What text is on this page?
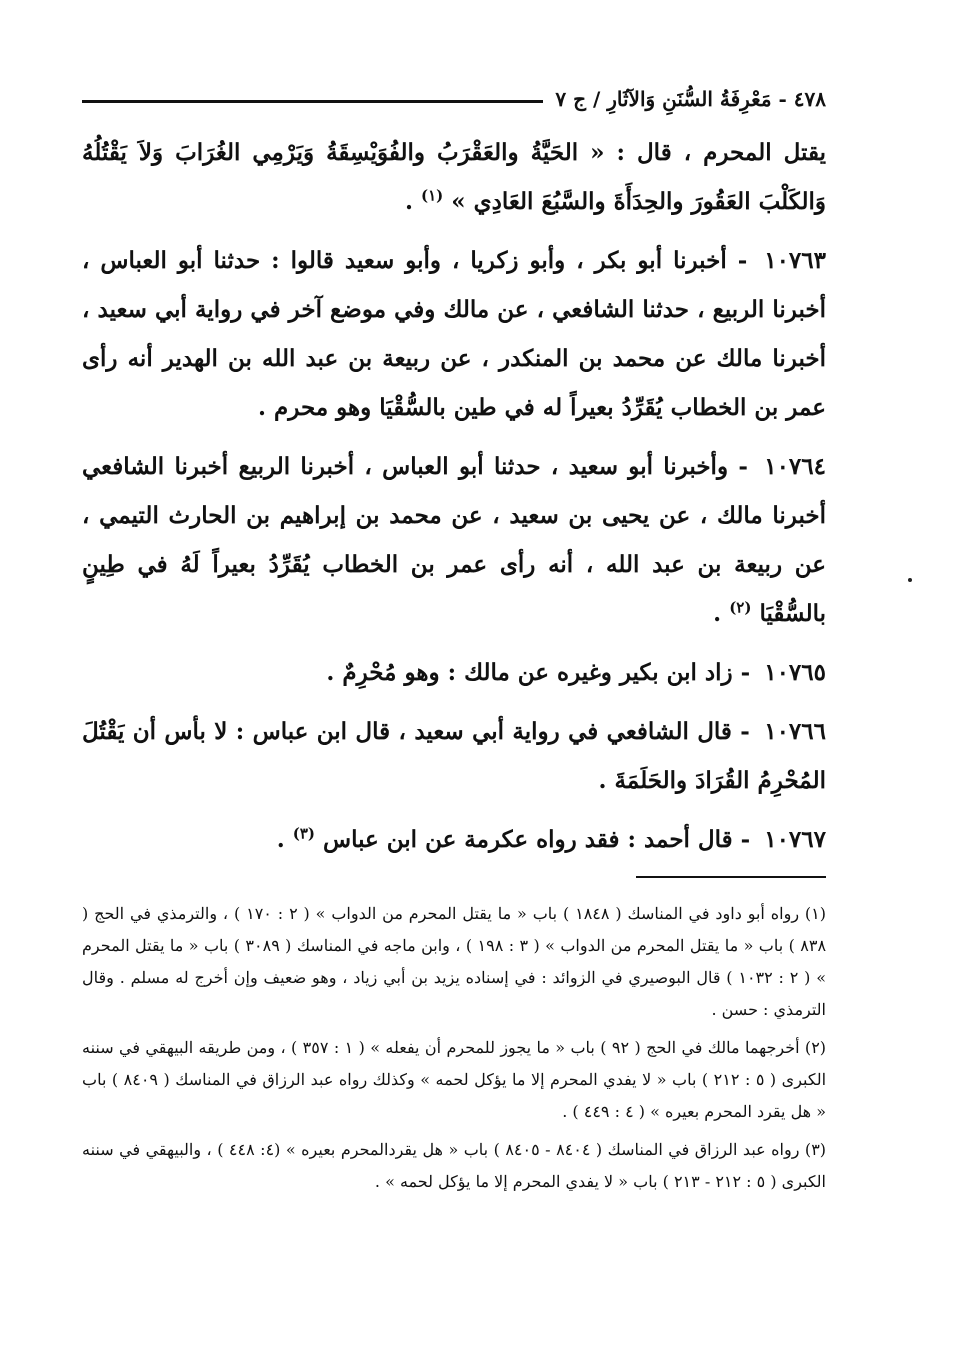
٤٧٨ - مَعْرِفَةُ السُّنَنِ وَالآثَارِ / ج ٧

يقتل المحرم ، قال : « الحَيَّةُ والعَقْرَبُ والفُوَيْسِقَةُ وَيَرْمِي الغُرَابَ وَلاَ يَقْتُلُهُ وَالكَلْبَ العَقُورَ والحِدَأَةَ والسَّبُعَ العَادِي » $^{(١)}$ .

١٠٧٦٣ - أخبرنا أبو بكر ، وأبو زكريا ، وأبو سعيد قالوا : حدثنا أبو العباس ، أخبرنا الربيع ، حدثنا الشافعي ، عن مالك وفي موضع آخر في رواية أبي سعيد ، أخبرنا مالك عن محمد بن المنكدر ، عن ربيعة بن عبد الله بن الهدير أنه رأى عمر بن الخطاب يُقَرِّدُ بعيراً له في طين بالسُّقْيَا وهو محرم .

١٠٧٦٤ - وأخبرنا أبو سعيد ، حدثنا أبو العباس ، أخبرنا الربيع أخبرنا الشافعي أخبرنا مالك ، عن يحيى بن سعيد ، عن محمد بن إبراهيم بن الحارث التيمي ، عن ربيعة بن عبد الله ، أنه رأى عمر بن الخطاب يُقَرِّدُ بعيراً لَهُ في طِينٍ بالسُّقْيَا $^{(٢)}$ .

١٠٧٦٥ - زاد ابن بكير وغيره عن مالك : وهو مُحْرِمٌ .

١٠٧٦٦ - قال الشافعي في رواية أبي سعيد ، قال ابن عباس : لا بأس أن يَقْتُلَ المُحْرِمُ القُرَادَ والحَلَمَةَ .

١٠٧٦٧ - قال أحمد : فقد رواه عكرمة عن ابن عباس $^{(٣)}$ .

(١) رواه أبو داود في المناسك ( ١٨٤٨ ) باب « ما يقتل المحرم من الدواب » ( ٢ : ١٧٠ ) ، والترمذي في الحج ( ٨٣٨ ) باب « ما يقتل المحرم من الدواب » ( ٣ : ١٩٨ ) ، وابن ماجه في المناسك ( ٣٠٨٩ ) باب « ما يقتل المحرم » ( ٢ : ١٠٣٢ ) قال البوصيري في الزوائد : في إسناده يزيد بن أبي زياد ، وهو ضعيف وإن أخرج له مسلم . وقال الترمذي : حسن .

(٢) أخرجهما مالك في الحج ( ٩٢ ) باب « ما يجوز للمحرم أن يفعله » ( ١ : ٣٥٧ ) ، ومن طريقه البيهقي في سننه الكبرى ( ٥ : ٢١٢ ) باب « لا يفدي المحرم إلا ما يؤكل لحمه » وكذلك رواه عبد الرزاق في المناسك ( ٨٤٠٩ ) باب « هل يقرد المحرم بعيره » ( ٤ : ٤٤٩ ) .

(٣) رواه عبد الرزاق في المناسك ( ٨٤٠٤ - ٨٤٠٥ ) باب « هل يقردالمحرم بعيره » (٤: ٤٤٨ ) ، والبيهقي في سننه الكبرى ( ٥ : ٢١٢ - ٢١٣ ) باب « لا يفدي المحرم إلا ما يؤكل لحمه » .
